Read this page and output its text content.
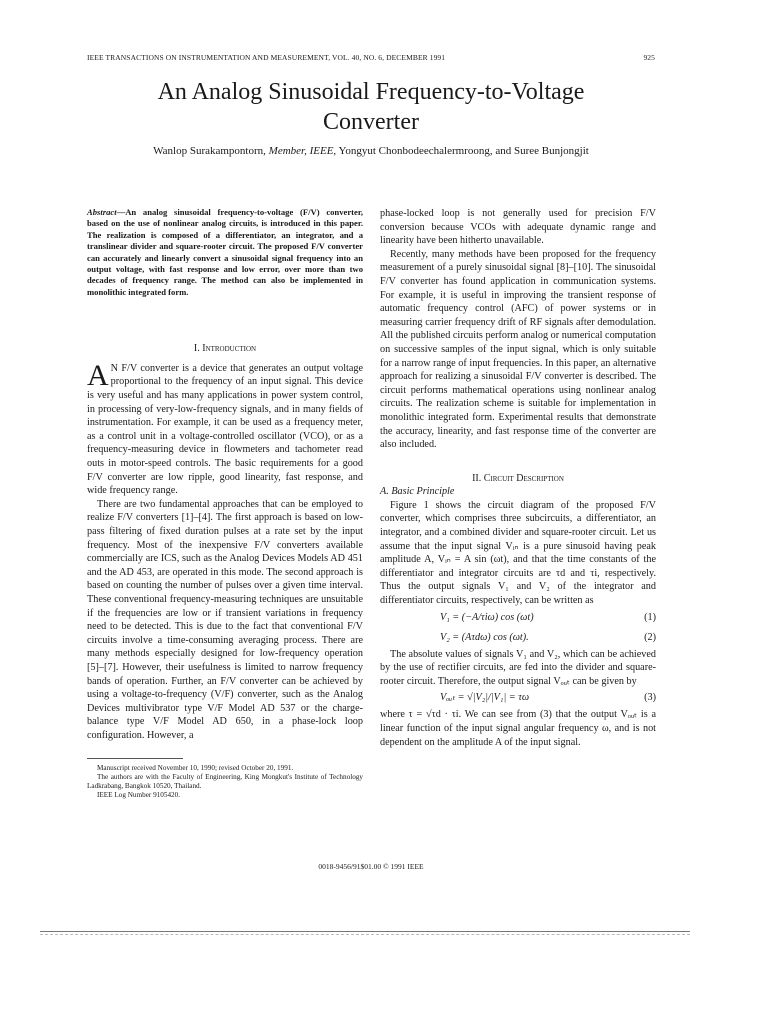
IEEE TRANSACTIONS ON INSTRUMENTATION AND MEASUREMENT, VOL. 40, NO. 6, DECEMBER 1991	925
An Analog Sinusoidal Frequency-to-Voltage
Converter
Wanlop Surakampontorn, Member, IEEE, Yongyut Chonbodeechalermroong, and Suree Bunjongjit

Abstract—An analog sinusoidal frequency-to-voltage (F/V) converter, based on the use of nonlinear analog circuits, is introduced in this paper. The realization is composed of a differentiator, an integrator, and a translinear divider and square-rooter circuit. The proposed F/V converter can accurately and linearly convert a sinusoidal signal frequency into an output voltage, with fast response and low error, over more than two decades of frequency range. The method can also be implemented in monolithic integrated form.

I. Introduction

A N F/V converter is a device that generates an output voltage proportional to the frequency of an input signal. This device is very useful and has many applications in power system control, in processing of very-low-frequency signals, and in many fields of instrumentation. For example, it can be used as a frequency meter, as a control unit in a voltage-controlled oscillator (VCO), or as a frequency-measuring device in flowmeters and tachometer read outs in motor-speed controls. The basic requirements for a good F/V converter are low ripple, good linearity, fast response, and wide frequency range.

There are two fundamental approaches that can be employed to realize F/V converters [1]–[4]. The first approach is based on low-pass filtering of fixed duration pulses at a rate set by the input frequency. Most of the inexpensive F/V converters available commercially are ICS, such as the Analog Devices Models AD 451 and the AD 453, are operated in this mode. The second approach is based on counting the number of pulses over a given time interval. These conventional frequency-measuring techniques are unsuitable if the frequencies are low or if transient variations in frequency need to be detected. This is due to the fact that conventional F/V circuits involve a time-consuming averaging process. There are many methods especially designed for low-frequency operation [5]–[7]. However, their usefulness is limited to narrow frequency bands of operation. Further, an F/V converter can be achieved by using a voltage-to-frequency (V/F) converter, such as the Analog Devices multivibrator type V/F Model AD 537 or the charge-balance type V/F Model AD 650, in a phase-lock loop configuration. However, a

Manuscript received November 10, 1990; revised October 20, 1991.

The authors are with the Faculty of Engineering, King Mongkut's Institute of Technology Ladkrabang, Bangkok 10520, Thailand.

IEEE Log Number 9105420.

phase-locked loop is not generally used for precision F/V conversion because VCOs with adequate dynamic range and linearity have been hitherto unavailable.

Recently, many methods have been proposed for the frequency measurement of a purely sinusoidal signal [8]–[10]. The sinusoidal F/V converter has found application in communication systems. For example, it is useful in improving the transient response of automatic frequency control (AFC) of power systems or in measuring carrier frequency drift of RF signals after demodulation. All the published circuits perform analog or numerical computation on successive samples of the input signal, which is only suitable for a narrow range of input frequencies. In this paper, an alternative approach for realizing a sinusoidal F/V converter is described. The circuit performs mathematical operations using nonlinear analog circuits. The realization scheme is suitable for implementation in monolithic integrated form. Experimental results that demonstrate the accuracy, linearity, and fast response time of the converter are also included.

II. Circuit Description

A. Basic Principle

Figure 1 shows the circuit diagram of the proposed F/V converter, which comprises three subcircuits, a differentiator, an integrator, and a combined divider and square-rooter circuit. Let us assume that the input signal Vᵢₙ is a pure sinusoid having peak amplitude A, Vᵢₙ = A sin (ωt), and that the time constants of the differentiator and integrator circuits are τd and τi, respectively. Thus the output signals V₁ and V₂ of the integrator and differentiator circuits, respectively, can be written as

V₁ = (−A/τiω) cos (ωt)	(1)
V₂ = (Aτdω) cos (ωt).	(2)

The absolute values of signals V₁ and V₂, which can be achieved by the use of rectifier circuits, are fed into the divider and square-rooter circuit. Therefore, the output signal Vₒᵤₜ can be given by

Vₒᵤₜ = √|V₂|/|V₁| = τω	(3)

where τ = √τd · τi. We can see from (3) that the output Vₒᵤₜ is a linear function of the input signal angular frequency ω, and is not dependent on the amplitude A of the input signal.

0018-9456/91$01.00 © 1991 IEEE
